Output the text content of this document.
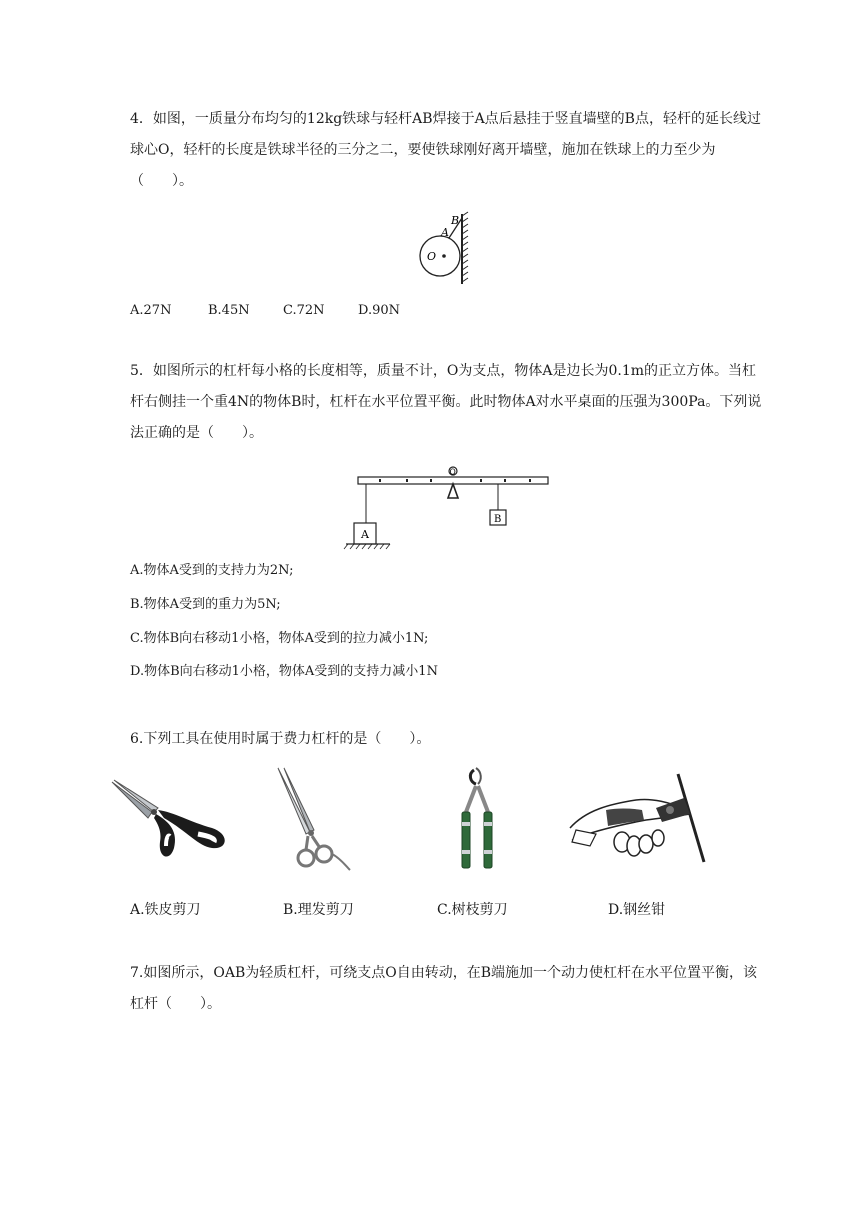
4．如图，一质量分布均匀的12kg铁球与轻杆AB焊接于A点后悬挂于竖直墙壁的B点，轻杆的延长线过球心O，轻杆的长度是铁球半径的三分之二，要使铁球刚好离开墙壁，施加在铁球上的力至少为（　　）。

A
B
O
A.27N	B.45N	C.72N	D.90N

5．如图所示的杠杆每小格的长度相等，质量不计，O为支点，物体A是边长为0.1m的正立方体。当杠杆右侧挂一个重4N的物体B时，杠杆在水平位置平衡。此时物体A对水平桌面的压强为300Pa。下列说法正确的是（　　）。

A
B
O
A.物体A受到的支持力为2N;
B.物体A受到的重力为5N;
C.物体B向右移动1小格，物体A受到的拉力减小1N;
D.物体B向右移动1小格，物体A受到的支持力减小1N
6.下列工具在使用时属于费力杠杆的是（　　）。
A.铁皮剪刀	B.理发剪刀	C.树枝剪刀	D.钢丝钳

7.如图所示，OAB为轻质杠杆，可绕支点O自由转动，在B端施加一个动力使杠杆在水平位置平衡，该杠杆（　　）。
